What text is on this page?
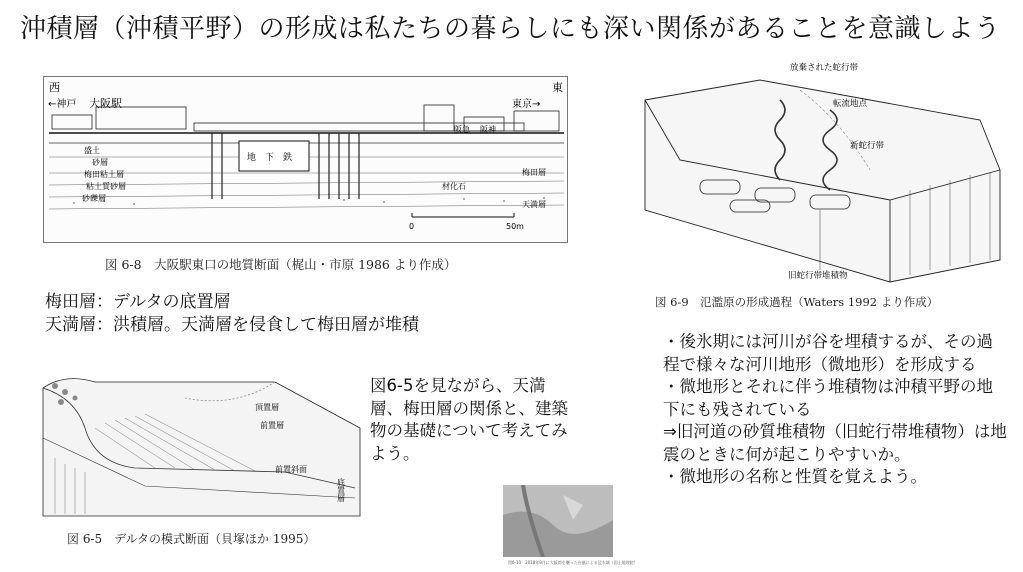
沖積層（沖積平野）の形成は私たちの暮らしにも深い関係があることを意識しよう
西	東
←神戸 大阪駅	東京→
阪急 阪神
地　下　鉄
盛土
砂層
梅田粘土層
粘土質砂層
砂礫層
材化石
梅田層
天満層
0	50m
図 6-8　大阪駅東口の地質断面（梶山・市原 1986 より作成）
梅田層：デルタの底置層
天満層：洪積層。天満層を侵食して梅田層が堆積
頂置層
前置層
前置斜面
底置層
図 6-5　デルタの模式断面（貝塚ほか 1995）
図6-5を見ながら、天満層、梅田層の関係と、建築物の基礎について考えてみよう。
図6-10　2018年9月に大阪湾を襲った台風による浸水域（国土地理院）
放棄された蛇行帯
転流地点
新蛇行帯
旧蛇行帯堆積物
図 6-9　氾濫原の形成過程（Waters 1992 より作成）
・後氷期には河川が谷を埋積するが、その過程で様々な河川地形（微地形）を形成する
・微地形とそれに伴う堆積物は沖積平野の地下にも残されている
⇒旧河道の砂質堆積物（旧蛇行帯堆積物）は地震のときに何が起こりやすいか。
・微地形の名称と性質を覚えよう。
